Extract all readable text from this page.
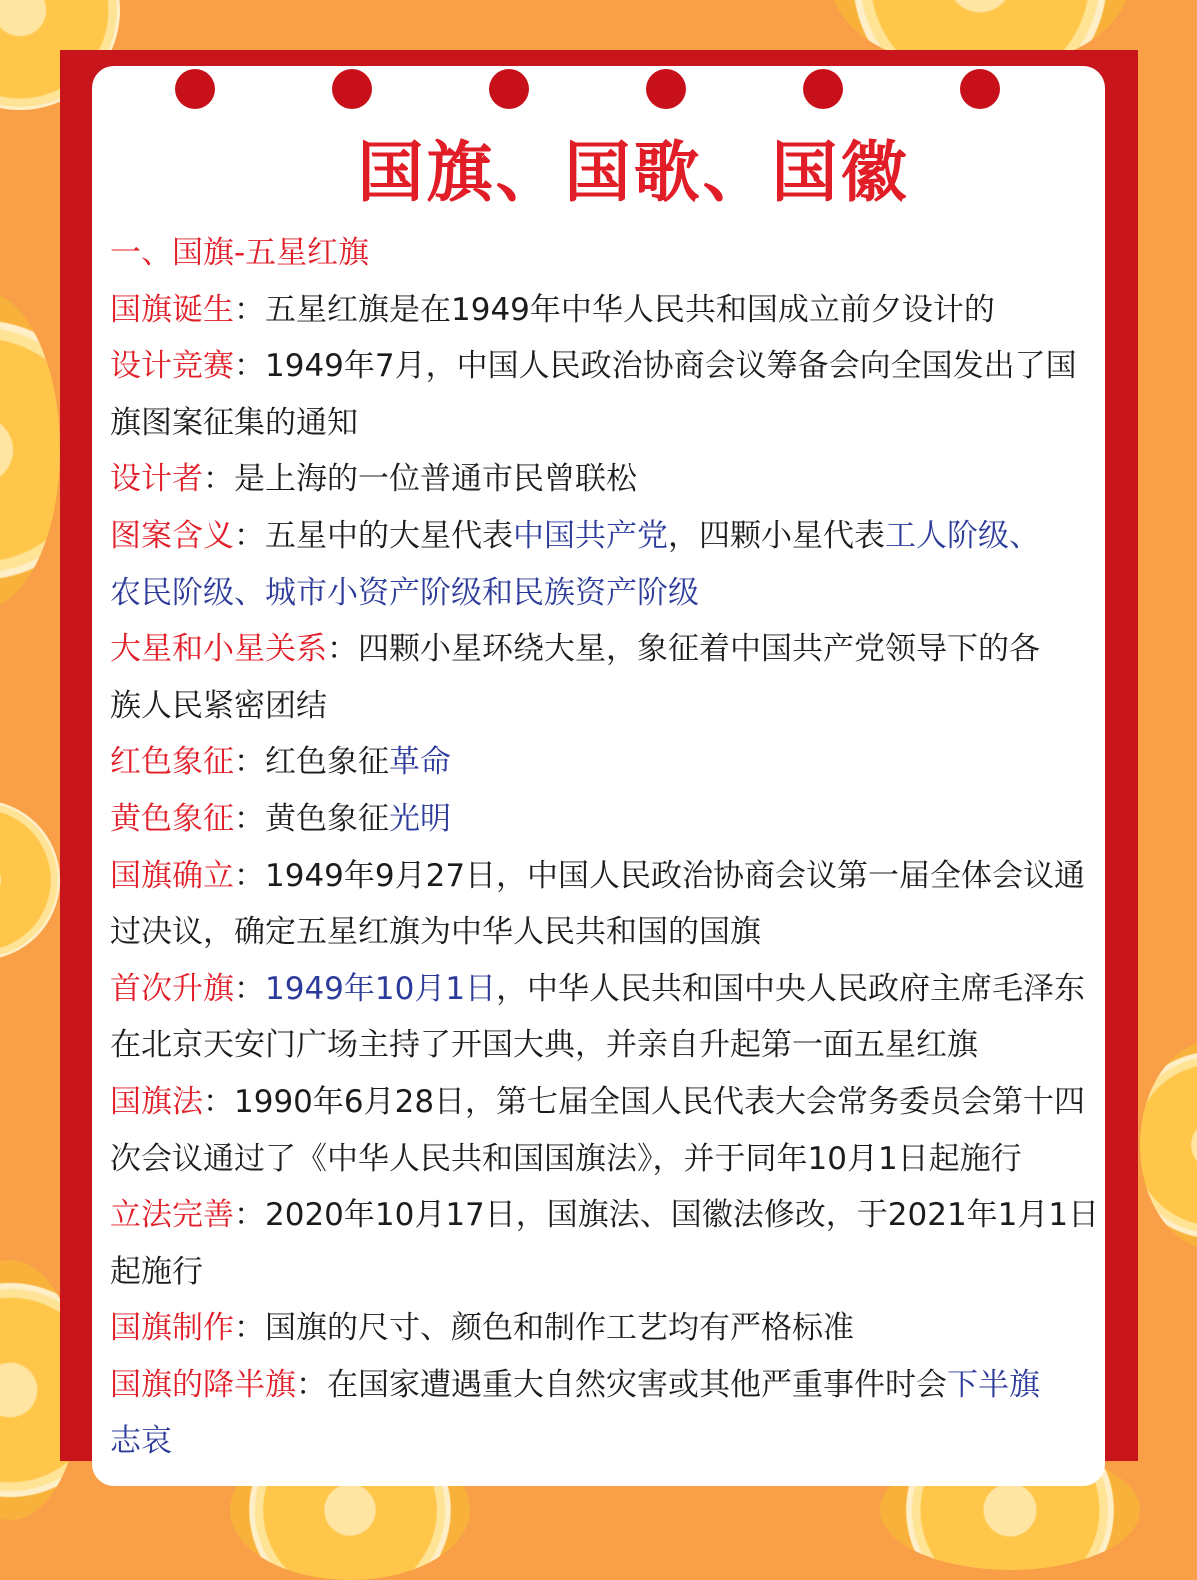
国旗、国歌、国徽
一、国旗-五星红旗
国旗诞生：五星红旗是在1949年中华人民共和国成立前夕设计的
设计竞赛：1949年7月，中国人民政治协商会议筹备会向全国发出了国
旗图案征集的通知
设计者：是上海的一位普通市民曾联松
图案含义：五星中的大星代表中国共产党，四颗小星代表工人阶级、
农民阶级、城市小资产阶级和民族资产阶级
大星和小星关系：四颗小星环绕大星，象征着中国共产党领导下的各
族人民紧密团结
红色象征：红色象征革命
黄色象征：黄色象征光明
国旗确立：1949年9月27日，中国人民政治协商会议第一届全体会议通
过决议，确定五星红旗为中华人民共和国的国旗
首次升旗：1949年10月1日，中华人民共和国中央人民政府主席毛泽东
在北京天安门广场主持了开国大典，并亲自升起第一面五星红旗
国旗法：1990年6月28日，第七届全国人民代表大会常务委员会第十四
次会议通过了《中华人民共和国国旗法》，并于同年10月1日起施行
立法完善：2020年10月17日，国旗法、国徽法修改，于2021年1月1日
起施行
国旗制作：国旗的尺寸、颜色和制作工艺均有严格标准
国旗的降半旗：在国家遭遇重大自然灾害或其他严重事件时会下半旗
志哀
